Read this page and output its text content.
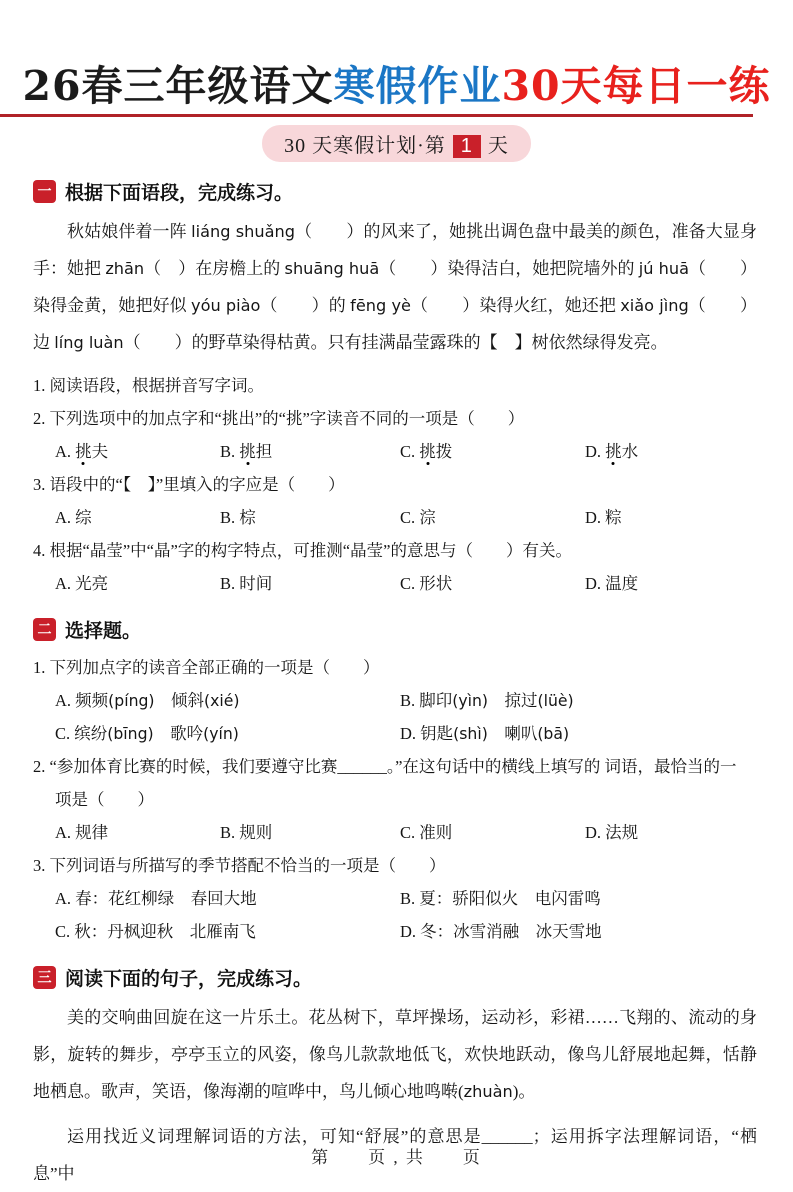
26春三年级语文寒假作业30天每日一练
30 天寒假计划·第 1 天
一 根据下面语段，完成练习。

秋姑娘伴着一阵 liáng shuǎng（　　）的风来了，她挑出调色盘中最美的颜色，准备大显身手：她把 zhān（　）在房檐上的 shuāng huā（　　）染得洁白，她把院墙外的 jú huā（　　）染得金黄，她把好似 yóu piào（　　）的 fēng yè（　　）染得火红，她还把 xiǎo jìng（　　）边 líng luàn（　　）的野草染得枯黄。只有挂满晶莹露珠的【　】树依然绿得发亮。

1. 阅读语段，根据拼音写字词。

2. 下列选项中的加点字和“挑出”的“挑”字读音不同的一项是（　　）

A. 挑夫	B. 挑担	C. 挑拨	D. 挑水

3. 语段中的“【　】”里填入的字应是（　　）

A. 综	B. 棕	C. 淙	D. 粽

4. 根据“晶莹”中“晶”字的构字特点，可推测“晶莹”的意思与（　　）有关。

A. 光亮	B. 时间	C. 形状	D. 温度
二 选择题。

1. 下列加点字的读音全部正确的一项是（　　）

A. 频频(píng)　倾斜(xié)	B. 脚印(yìn)　掠过(lüè)
C. 缤纷(bīng)　歌吟(yín)	D. 钥匙(shì)　喇叭(bā)

2. “参加体育比赛的时候，我们要遵守比赛______。”在这句话中的横线上填写的 词语，最恰当的一

项是（　　）

A. 规律	B. 规则	C. 准则	D. 法规

3. 下列词语与所描写的季节搭配不恰当的一项是（　　）

A. 春：花红柳绿　春回大地	B. 夏：骄阳似火　电闪雷鸣
C. 秋：丹枫迎秋　北雁南飞	D. 冬：冰雪消融　冰天雪地
三 阅读下面的句子，完成练习。

美的交响曲回旋在这一片乐土。花丛树下，草坪操场，运动衫，彩裙……飞翔的、流动的身影，旋转的舞步，亭亭玉立的风姿，像鸟儿款款地低飞，欢快地跃动，像鸟儿舒展地起舞，恬静地栖息。歌声，笑语，像海潮的喧哗中，鸟儿倾心地鸣啭(zhuàn)。

运用找近义词理解词语的方法，可知“舒展”的意思是______；运用拆字法理解词语，“栖息”中

第　　页 , 共　　页
